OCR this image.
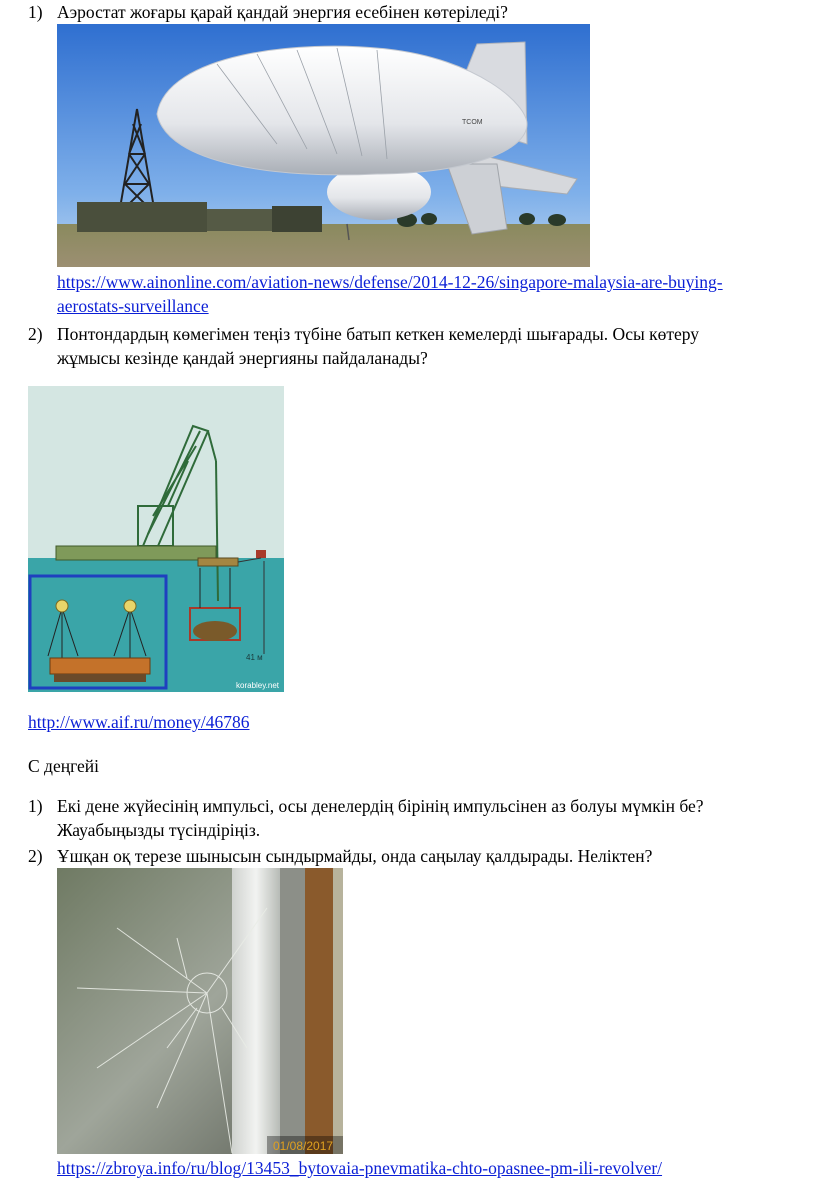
1) Аэростат жоғары қарай қандай энергия есебінен көтеріледі?
TCOM
https://www.ainonline.com/aviation-news/defense/2014-12-26/singapore-malaysia-are-buying-
aerostats-surveillance
2) Понтондардың көмегімен теңіз түбіне батып кеткен кемелерді шығарады. Осы көтеру
жұмысы кезінде қандай энергияны пайдаланады?
41 м
korabley.net
http://www.aif.ru/money/46786
С деңгейі
1) Екі дене жүйесінің импульсі, осы денелердің бірінің импульсінен аз болуы мүмкін бе?
Жауабыңызды түсіндіріңіз.
2) Ұшқан оқ терезе шынысын сындырмайды, онда саңылау қалдырады. Неліктен?
01/08/2017
https://zbroya.info/ru/blog/13453_bytovaia-pnevmatika-chto-opasnee-pm-ili-revolver/
